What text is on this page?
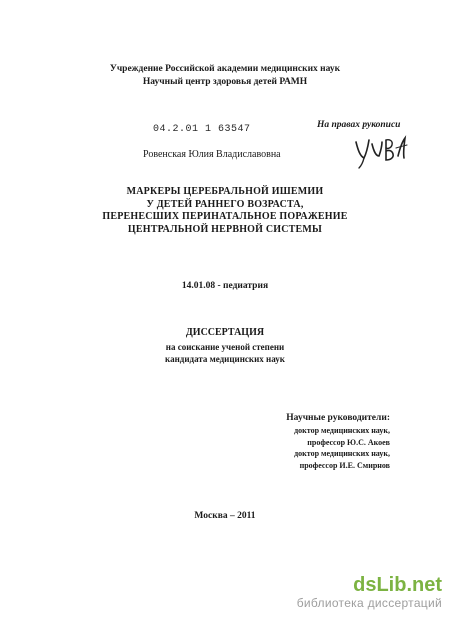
Учреждение Российской академии медицинских наук
Научный центр здоровья детей РАМН
04.2.01 1 63547	На правах рукописи
Ровенская Юлия Владиславовна
МАРКЕРЫ ЦЕРЕБРАЛЬНОЙ ИШЕМИИ
У ДЕТЕЙ РАННЕГО ВОЗРАСТА,
ПЕРЕНЕСШИХ ПЕРИНАТАЛЬНОЕ ПОРАЖЕНИЕ
ЦЕНТРАЛЬНОЙ НЕРВНОЙ СИСТЕМЫ
14.01.08 - педиатрия
ДИССЕРТАЦИЯ
на соискание ученой степени
кандидата медицинских наук
Научные руководители:
доктор медицинских наук,
профессор Ю.С. Акоев
доктор медицинских наук,
профессор И.Е. Смирнов
Москва – 2011
dsLib.net
библиотека диссертаций
